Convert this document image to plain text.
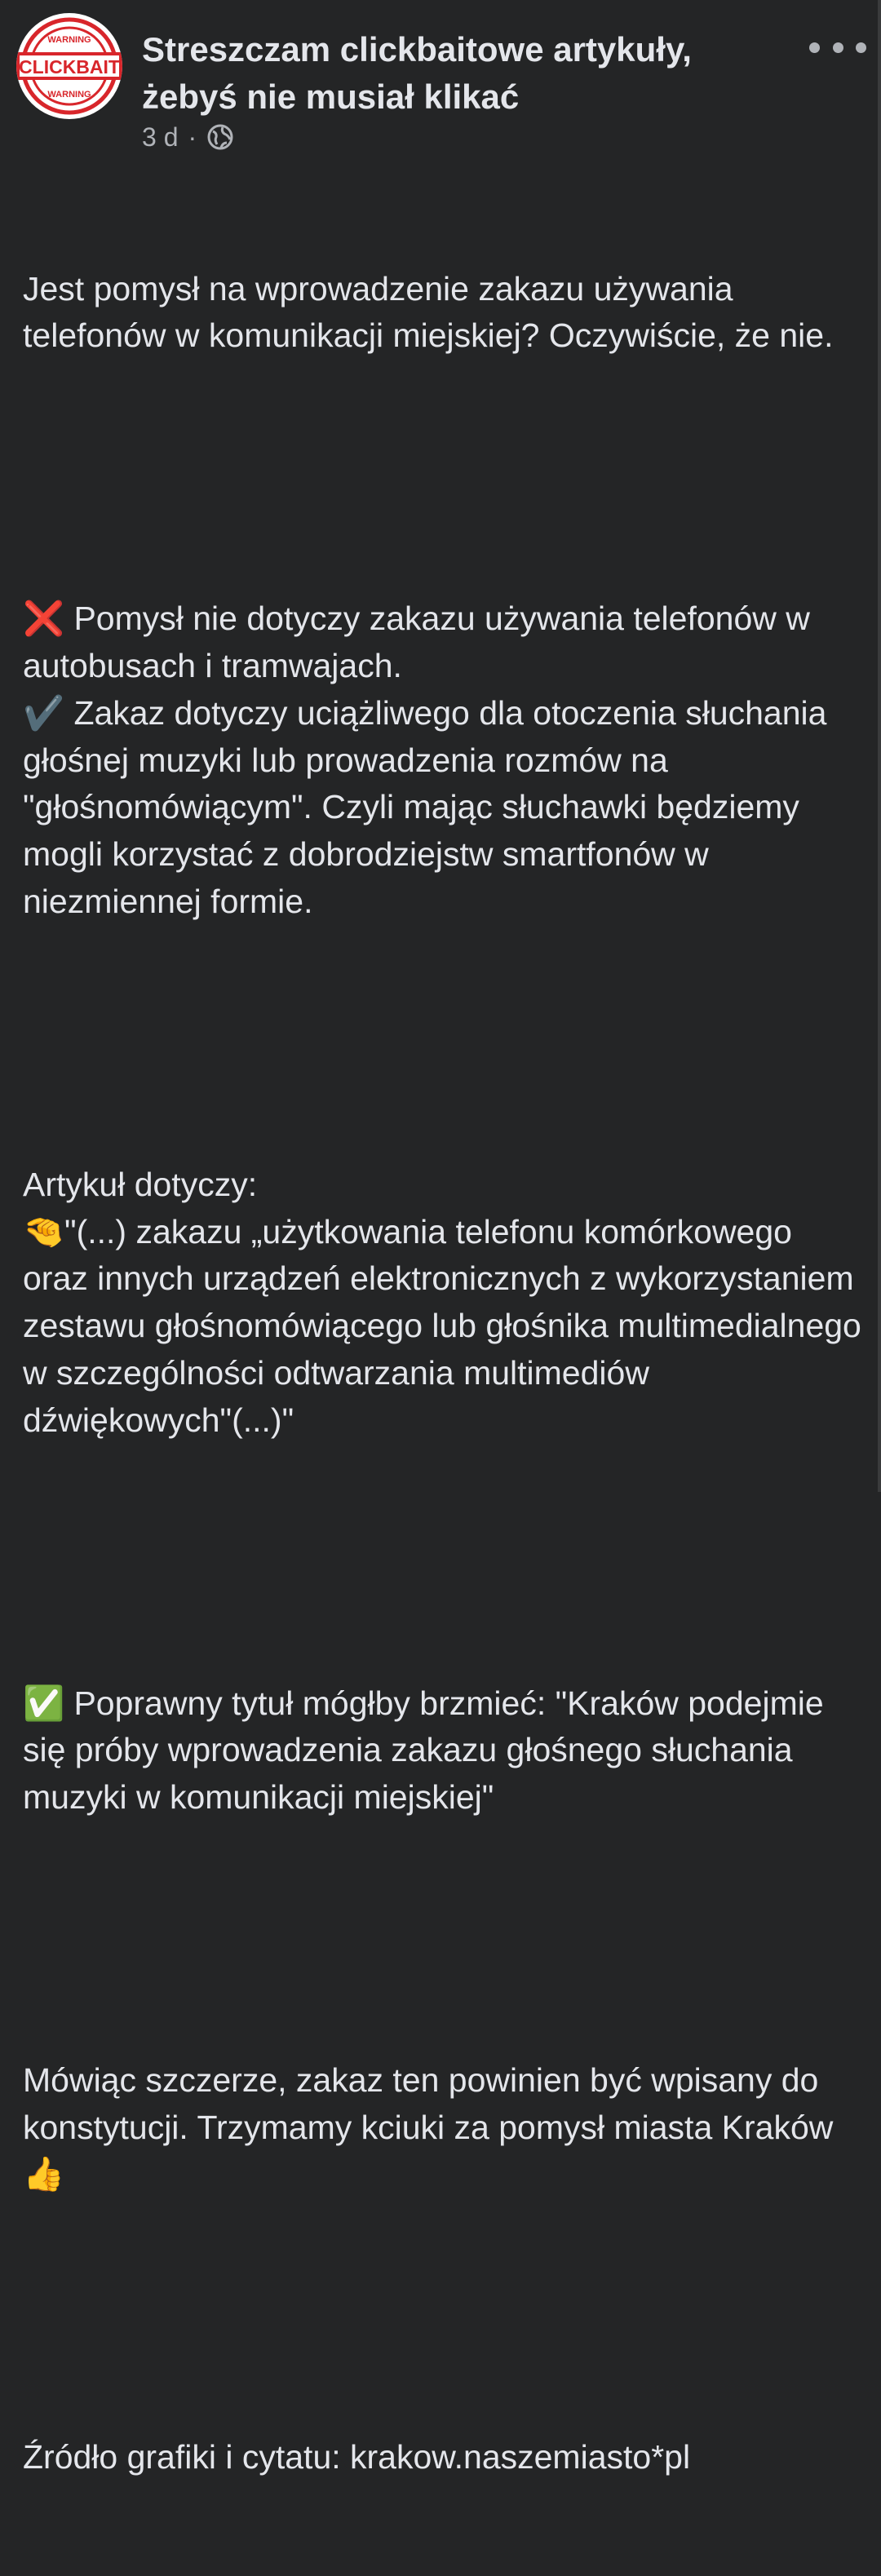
CLICKBAIT
WARNING
WARNING
Streszczam clickbaitowe artykuły, żebyś nie musiał klikać
3 d ·

Jest pomysł na wprowadzenie zakazu używania telefonów w komunikacji miejskiej? Oczywiście, że nie.

❌ Pomysł nie dotyczy zakazu używania telefonów w autobusach i tramwajach.
✔️ Zakaz dotyczy uciążliwego dla otoczenia słuchania głośnej muzyki lub prowadzenia rozmów na "głośnomówiącym". Czyli mając słuchawki będziemy mogli korzystać z dobrodziejstw smartfonów w niezmiennej formie.

Artykuł dotyczy:
🤏"(...) zakazu „użytkowania telefonu komórkowego oraz innych urządzeń elektronicznych z wykorzystaniem zestawu głośnomówiącego lub głośnika multimedialnego w szczególności odtwarzania multimediów dźwiękowych"(...)"

✅ Poprawny tytuł mógłby brzmieć: "Kraków podejmie się próby wprowadzenia zakazu głośnego słuchania muzyki w komunikacji miejskiej"

Mówiąc szczerze, zakaz ten powinien być wpisany do konstytucji. Trzymamy kciuki za pomysł miasta Kraków 👍

Źródło grafiki i cytatu: krakow.naszemiasto*pl
